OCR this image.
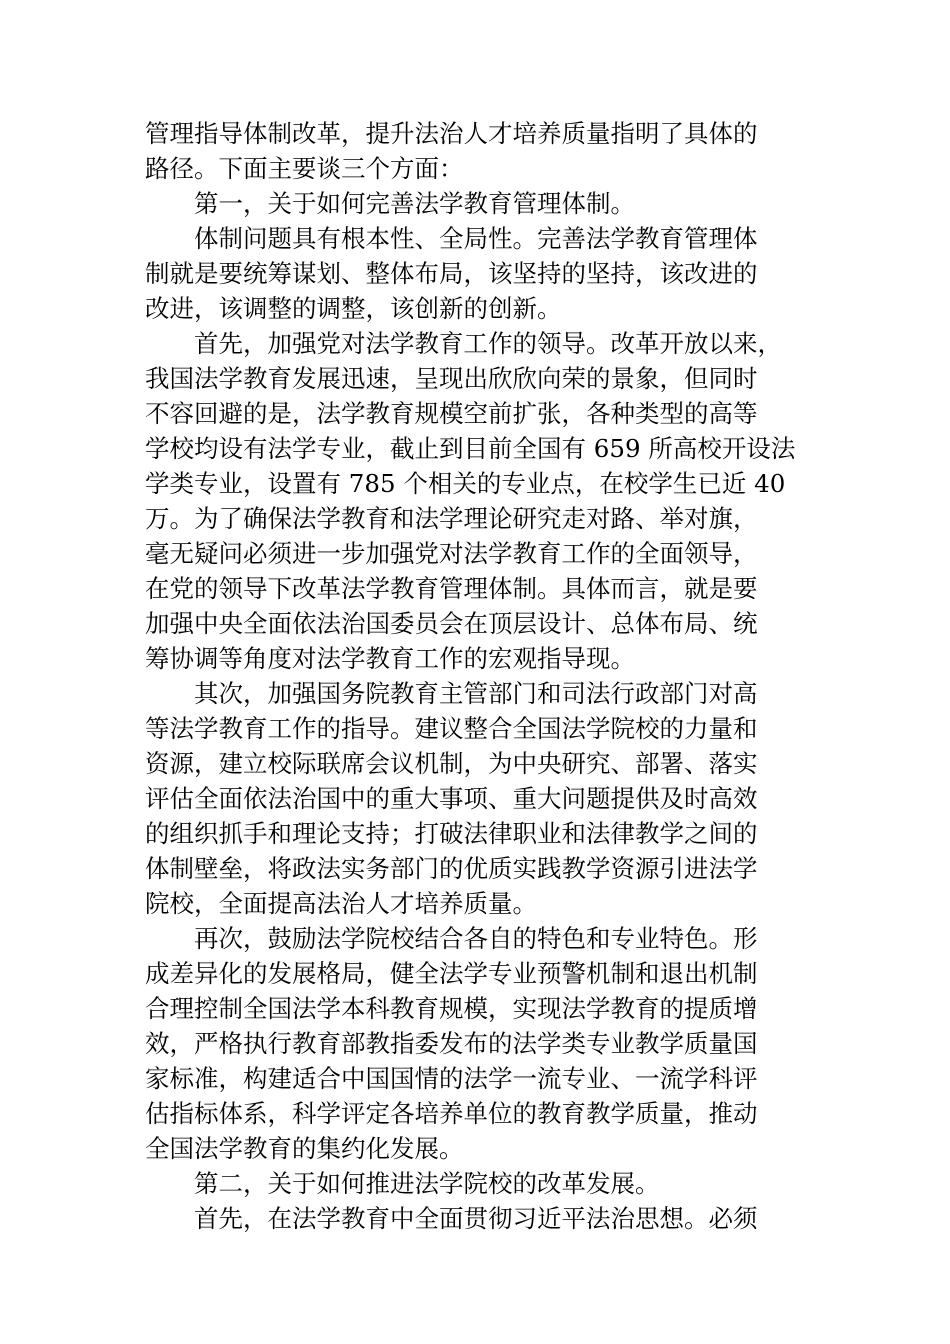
管理指导体制改革，提升法治人才培养质量指明了具体的
路径。下面主要谈三个方面：
第一，关于如何完善法学教育管理体制。
体制问题具有根本性、全局性。完善法学教育管理体
制就是要统筹谋划、整体布局，该坚持的坚持，该改进的
改进，该调整的调整，该创新的创新。
首先，加强党对法学教育工作的领导。改革开放以来，
我国法学教育发展迅速，呈现出欣欣向荣的景象，但同时
不容回避的是，法学教育规模空前扩张，各种类型的高等
学校均设有法学专业，截止到目前全国有 659 所高校开设法
学类专业，设置有 785 个相关的专业点，在校学生已近 40
万。为了确保法学教育和法学理论研究走对路、举对旗，
毫无疑问必须进一步加强党对法学教育工作的全面领导，
在党的领导下改革法学教育管理体制。具体而言，就是要
加强中央全面依法治国委员会在顶层设计、总体布局、统
筹协调等角度对法学教育工作的宏观指导现。
其次，加强国务院教育主管部门和司法行政部门对高
等法学教育工作的指导。建议整合全国法学院校的力量和
资源，建立校际联席会议机制，为中央研究、部署、落实
评估全面依法治国中的重大事项、重大问题提供及时高效
的组织抓手和理论支持；打破法律职业和法律教学之间的
体制壁垒，将政法实务部门的优质实践教学资源引进法学
院校，全面提高法治人才培养质量。
再次，鼓励法学院校结合各自的特色和专业特色。形
成差异化的发展格局，健全法学专业预警机制和退出机制
合理控制全国法学本科教育规模，实现法学教育的提质增
效，严格执行教育部教指委发布的法学类专业教学质量国
家标准，构建适合中国国情的法学一流专业、一流学科评
估指标体系，科学评定各培养单位的教育教学质量，推动
全国法学教育的集约化发展。
第二，关于如何推进法学院校的改革发展。
首先，在法学教育中全面贯彻习近平法治思想。必须
